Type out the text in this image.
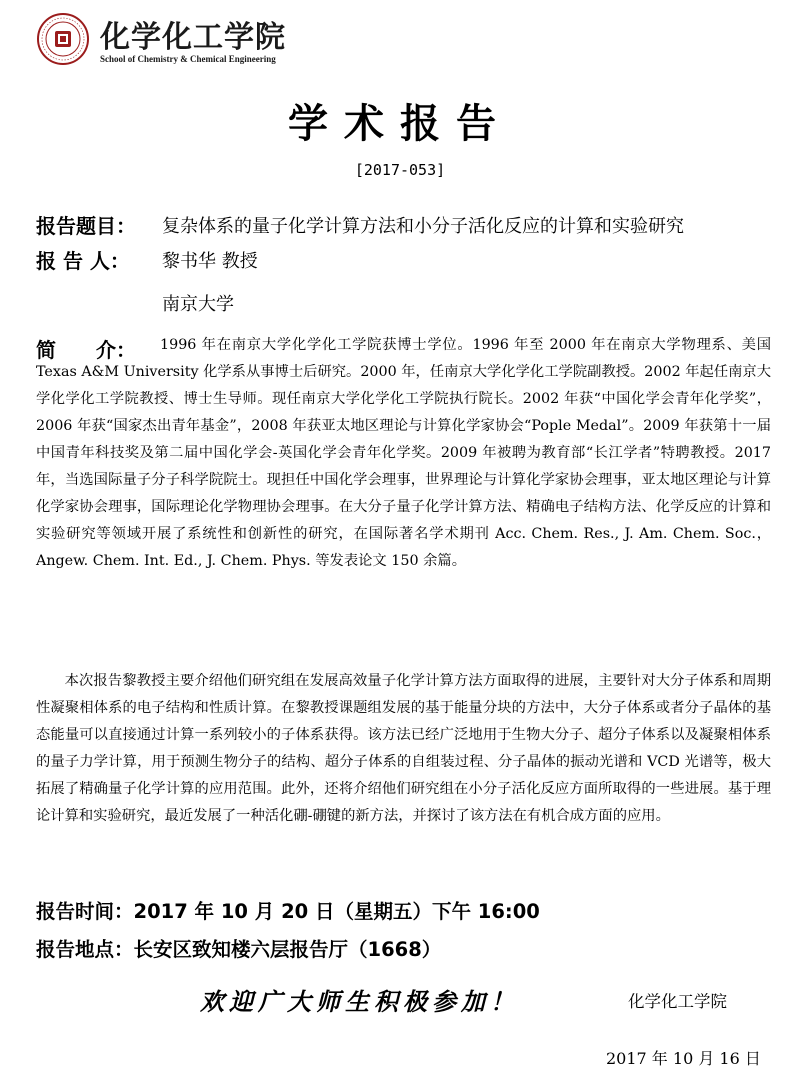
化学化工学院
School of Chemistry & Chemical Engineering
学术报告
[2017-053]
报告题目： 复杂体系的量子化学计算方法和小分子活化反应的计算和实验研究
报 告 人： 黎书华 教授
南京大学
简　　介：	1996 年在南京大学化学化工学院获博士学位。1996 年至 2000 年在南京大学物理系、美国 Texas A&M University 化学系从事博士后研究。2000 年，任南京大学化学化工学院副教授。2002 年起任南京大学化学化工学院教授、博士生导师。现任南京大学化学化工学院执行院长。2002 年获“中国化学会青年化学奖”，2006 年获“国家杰出青年基金”，2008 年获亚太地区理论与计算化学家协会“Pople Medal”。2009 年获第十一届中国青年科技奖及第二届中国化学会-英国化学会青年化学奖。2009 年被聘为教育部“长江学者”特聘教授。2017 年，当选国际量子分子科学院院士。现担任中国化学会理事，世界理论与计算化学家协会理事，亚太地区理论与计算化学家协会理事，国际理论化学物理协会理事。在大分子量子化学计算方法、精确电子结构方法、化学反应的计算和实验研究等领域开展了系统性和创新性的研究，在国际著名学术期刊 Acc. Chem. Res., J. Am. Chem. Soc.，Angew. Chem. Int. Ed., J. Chem. Phys. 等发表论文 150 余篇。

本次报告黎教授主要介绍他们研究组在发展高效量子化学计算方法方面取得的进展，主要针对大分子体系和周期性凝聚相体系的电子结构和性质计算。在黎教授课题组发展的基于能量分块的方法中，大分子体系或者分子晶体的基态能量可以直接通过计算一系列较小的子体系获得。该方法已经广泛地用于生物大分子、超分子体系以及凝聚相体系的量子力学计算，用于预测生物分子的结构、超分子体系的自组装过程、分子晶体的振动光谱和 VCD 光谱等，极大拓展了精确量子化学计算的应用范围。此外，还将介绍他们研究组在小分子活化反应方面所取得的一些进展。基于理论计算和实验研究，最近发展了一种活化硼-硼键的新方法，并探讨了该方法在有机合成方面的应用。

报告时间：2017 年 10 月 20 日（星期五）下午 16:00
报告地点：长安区致知楼六层报告厅（1668）
欢迎广大师生积极参加！	化学化工学院
2017 年 10 月 16 日
